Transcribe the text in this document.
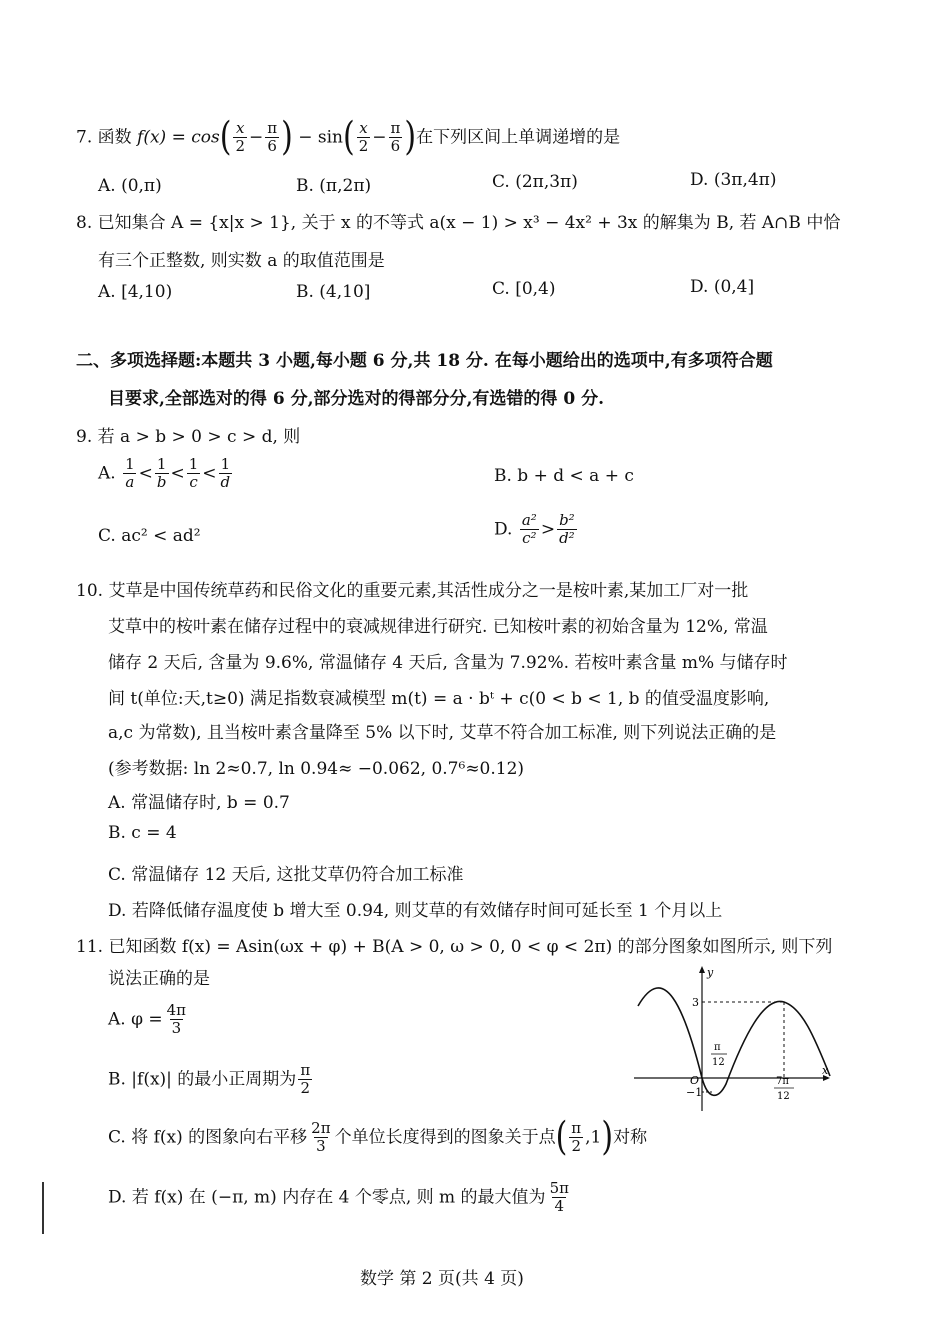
7. 函数 $f(x) = \cos( \frac{x}{2} - \frac{\pi}{6}$ ) − $\sin( \frac{x}{2} - \frac{\pi}{6}$ )在下列区间上单调递增的是
A. (0,π)	B. (π,2π)	C. (2π,3π)	D. (3π,4π)
8. 已知集合 A = {x|x > 1}, 关于 x 的不等式 a(x − 1) > x³ − 4x² + 3x 的解集为 B, 若 A∩B 中恰
有三个正整数, 则实数 a 的取值范围是
A. [4,10)	B. (4,10]	C. [0,4)	D. (0,4]
二、多项选择题:本题共 3 小题,每小题 6 分,共 18 分. 在每小题给出的选项中,有多项符合题
目要求,全部选对的得 6 分,部分选对的得部分分,有选错的得 0 分.
9. 若 a > b > 0 > c > d, 则
A. $\frac{1}{a} < \frac{1}{b} < \frac{1}{c} < \frac{1}{d}$	B. b + d < a + c
C. ac² < ad²	D. $\frac{\text{a²}}{\text{c²}} > \frac{\text{b²}}{\text{d²}}$
10. 艾草是中国传统草药和民俗文化的重要元素,其活性成分之一是桉叶素,某加工厂对一批
艾草中的桉叶素在储存过程中的衰减规律进行研究. 已知桉叶素的初始含量为 12%, 常温
储存 2 天后, 含量为 9.6%, 常温储存 4 天后, 含量为 7.92%. 若桉叶素含量 m% 与储存时
间 t(单位:天,t≥0) 满足指数衰减模型 m(t) = a · bᵗ + c(0 < b < 1, b 的值受温度影响,
a,c 为常数), 且当桉叶素含量降至 5% 以下时, 艾草不符合加工标准, 则下列说法正确的是
(参考数据: ln 2≈0.7, ln 0.94≈ −0.062, 0.7⁶≈0.12)
A. 常温储存时, b = 0.7
B. c = 4
C. 常温储存 12 天后, 这批艾草仍符合加工标准
D. 若降低储存温度使 b 增大至 0.94, 则艾草的有效储存时间可延长至 1 个月以上
11. 已知函数 f(x) = Asin(ωx + φ) + B(A > 0, ω > 0, 0 < φ < 2π) 的部分图象如图所示, 则下列
说法正确的是
A. $\varphi = \frac{4\pi}{3}$
B. |f(x)| 的最小正周期为 $\frac{\pi}{2}$
C. 将 f(x) 的图象向右平移 $\frac{2\pi}{3}$ 个单位长度得到的图象关于点( $\frac{\pi}{2} ,1$)对称
D. 若 f(x) 在 (−π, m) 内存在 4 个零点, 则 m 的最大值为 $\frac{5\pi}{4}$
y
x
3
−1
O
π
12
7π
12
数学 第 2 页(共 4 页)
